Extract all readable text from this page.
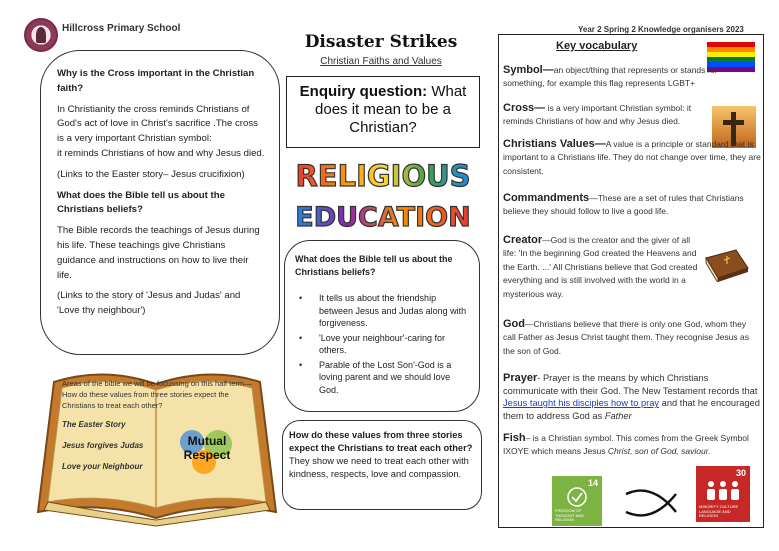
Hillcross Primary School	Year 2 Spring 2 Knowledge organisers 2023

Why is the Cross important in the Christian faith?

In Christianity the cross reminds Christians of God's act of love in Christ's sacrifice .The cross is a very important Christian symbol:

it reminds Christians of how and why Jesus died.

(Links to the Easter story– Jesus crucifixion)

What does the Bible tell us about the Christians beliefs?

The Bible records the teachings of Jesus during his life. These teachings give Christians guidance and instructions on how to live their life.

(Links to the story of 'Jesus and Judas' and 'Love thy neighbour')

Areas of the bible we will be focussing on this half term— How do these values from three stories expect the Christians to treat each other?

The Easter Story

Jesus forgives Judas

Love your Neighbour

Mutual
Respect
Disaster Strikes
Christian Faiths and Values
Enquiry question: What does it mean to be a Christian?
RELIGIOUS
EDUCATION

What does the Bible tell us about the Christians beliefs?

• It tells us about the friendship between Jesus and Judas along with forgiveness.
• 'Love your neighbour'-caring for others.
• Parable of the Lost Son'-God is a loving parent and we should love God.
How do these values from three stories expect the Christians to treat each other? They show we need to treat each other with kindness, respects, love and compassion.
Key vocabulary
Symbol—an object/thing that represents or stands for something, for example this flag represents LGBT+
Cross— is a very important Christian symbol: it reminds Christians of how and why Jesus died.
Christians Values—A value is a principle or standard that is important to a Christians life. They do not change over time, they are consistent.
Commandments—These are a set of rules that Christians believe they should follow to live a good life.
Creator—God is the creator and the giver of all life: 'In the beginning God created the Heavens and the Earth. ...' All Christians believe that God created everything and is still involved with the world in a mysterious way.
God—Christians believe that there is only one God, whom they call Father as Jesus Christ taught them. They recognise Jesus as the son of God.
Prayer- Prayer is the means by which Christians communicate with their God. The New Testament records that Jesus taught his disciples how to pray and that he encouraged them to address God as Father
Fish– is a Christian symbol. This comes from the Greek Symbol IXOYE which means Jesus Christ, son of God, saviour.
14
FREEDOM OF THOUGHT AND RELIGION
30
MINORITY CULTURE LANGUAGE AND RELIGION
